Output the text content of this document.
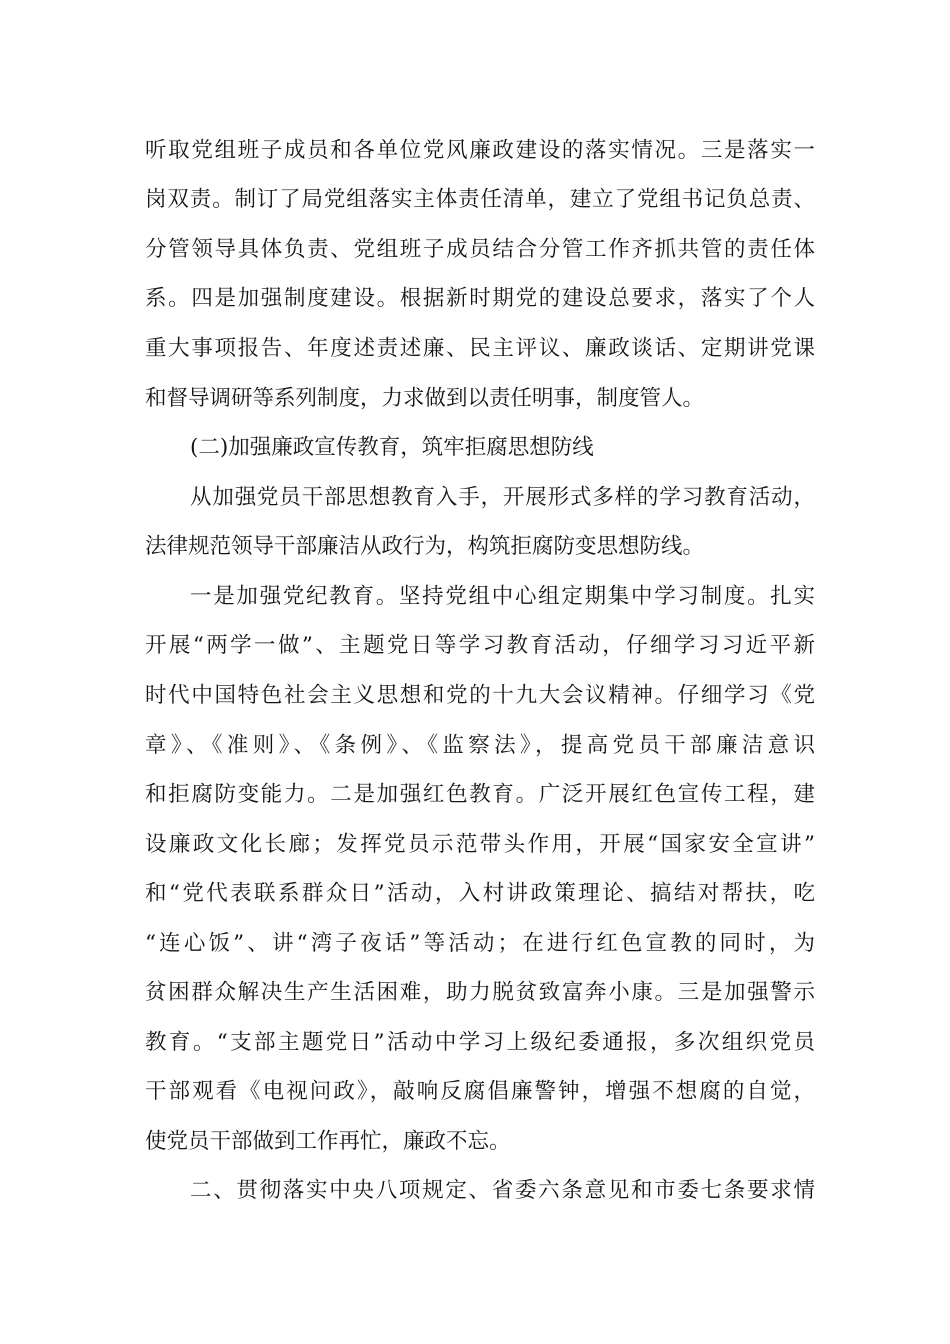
听取党组班子成员和各单位党风廉政建设的落实情况。三是落实一
岗双责。制订了局党组落实主体责任清单，建立了党组书记负总责、
分管领导具体负责、党组班子成员结合分管工作齐抓共管的责任体
系。四是加强制度建设。根据新时期党的建设总要求，落实了个人
重大事项报告、年度述责述廉、民主评议、廉政谈话、定期讲党课
和督导调研等系列制度，力求做到以责任明事，制度管人。
(二)加强廉政宣传教育，筑牢拒腐思想防线
从加强党员干部思想教育入手，开展形式多样的学习教育活动，
法律规范领导干部廉洁从政行为，构筑拒腐防变思想防线。
一是加强党纪教育。坚持党组中心组定期集中学习制度。扎实
开展“两学一做”、主题党日等学习教育活动，仔细学习习近平新
时代中国特色社会主义思想和党的十九大会议精神。仔细学习《党
章》、《准则》、《条例》、《监察法》，提高党员干部廉洁意识
和拒腐防变能力。二是加强红色教育。广泛开展红色宣传工程，建
设廉政文化长廊；发挥党员示范带头作用，开展“国家安全宣讲”
和“党代表联系群众日”活动，入村讲政策理论、搞结对帮扶，吃
“连心饭”、讲“湾子夜话”等活动；在进行红色宣教的同时，为
贫困群众解决生产生活困难，助力脱贫致富奔小康。三是加强警示
教育。“支部主题党日”活动中学习上级纪委通报，多次组织党员
干部观看《电视问政》，敲响反腐倡廉警钟，增强不想腐的自觉，
使党员干部做到工作再忙，廉政不忘。
二、贯彻落实中央八项规定、省委六条意见和市委七条要求情
